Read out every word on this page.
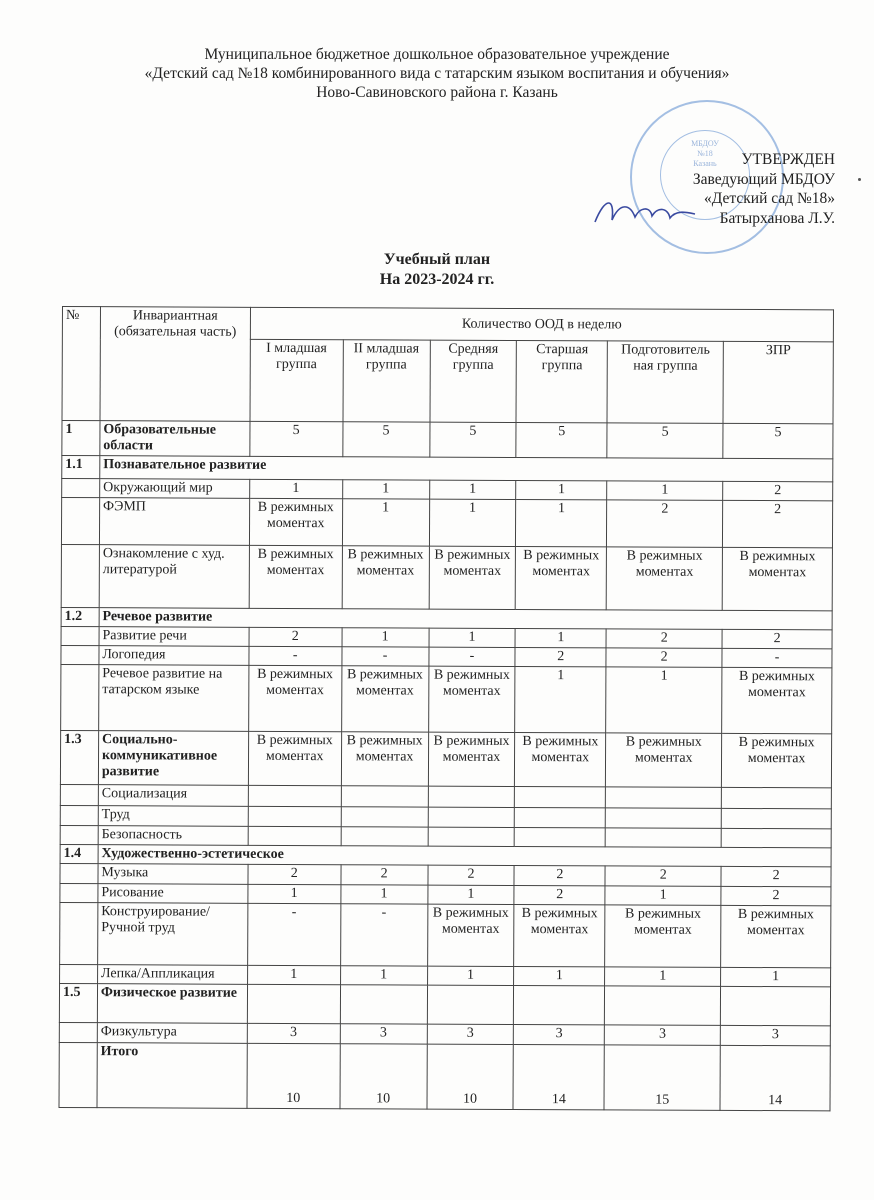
Муниципальное бюджетное дошкольное образовательное учреждение
«Детский сад №18 комбинированного вида с татарским языком воспитания и обучения»
Ново-Савиновского района г. Казань
МБДОУ
№18
Казань	УТВЕРЖДЕН
Заведующий МБДОУ
«Детский сад №18»
Батырханова Л.У.
Учебный план
На 2023-2024 гг.
№	Инвариантная (обязательная часть)	Количество ООД в неделю					
		I младшая группа	II младшая группа	Средняя группа	Старшая группа	Подготовитель ная группа	ЗПР
1	Образовательные области	5	5	5	5	5	5
1.1	Познавательное развитие						
	Окружающий мир	1	1	1	1	1	2
	ФЭМП	В режимных моментах	1	1	1	2	2
	Ознакомление с худ. литературой	В режимных моментах	В режимных моментах	В режимных моментах	В режимных моментах	В режимных моментах	В режимных моментах
1.2	Речевое развитие						
	Развитие речи	2	1	1	1	2	2
	Логопедия	-	-	-	2	2	-
	Речевое развитие на татарском языке	В режимных моментах	В режимных моментах	В режимных моментах	1	1	В режимных моментах
1.3	Социально-коммуникативное развитие	В режимных моментах	В режимных моментах	В режимных моментах	В режимных моментах	В режимных моментах	В режимных моментах
	Социализация						
	Труд						
	Безопасность						
1.4	Художественно-эстетическое						
	Музыка	2	2	2	2	2	2
	Рисование	1	1	1	2	1	2
	Конструирование/Ручной труд	-	-	В режимных моментах	В режимных моментах	В режимных моментах	В режимных моментах
	Лепка/Аппликация	1	1	1	1	1	1
1.5	Физическое развитие						
	Физкультура	3	3	3	3	3	3
	Итого	10	10	10	14	15	14
